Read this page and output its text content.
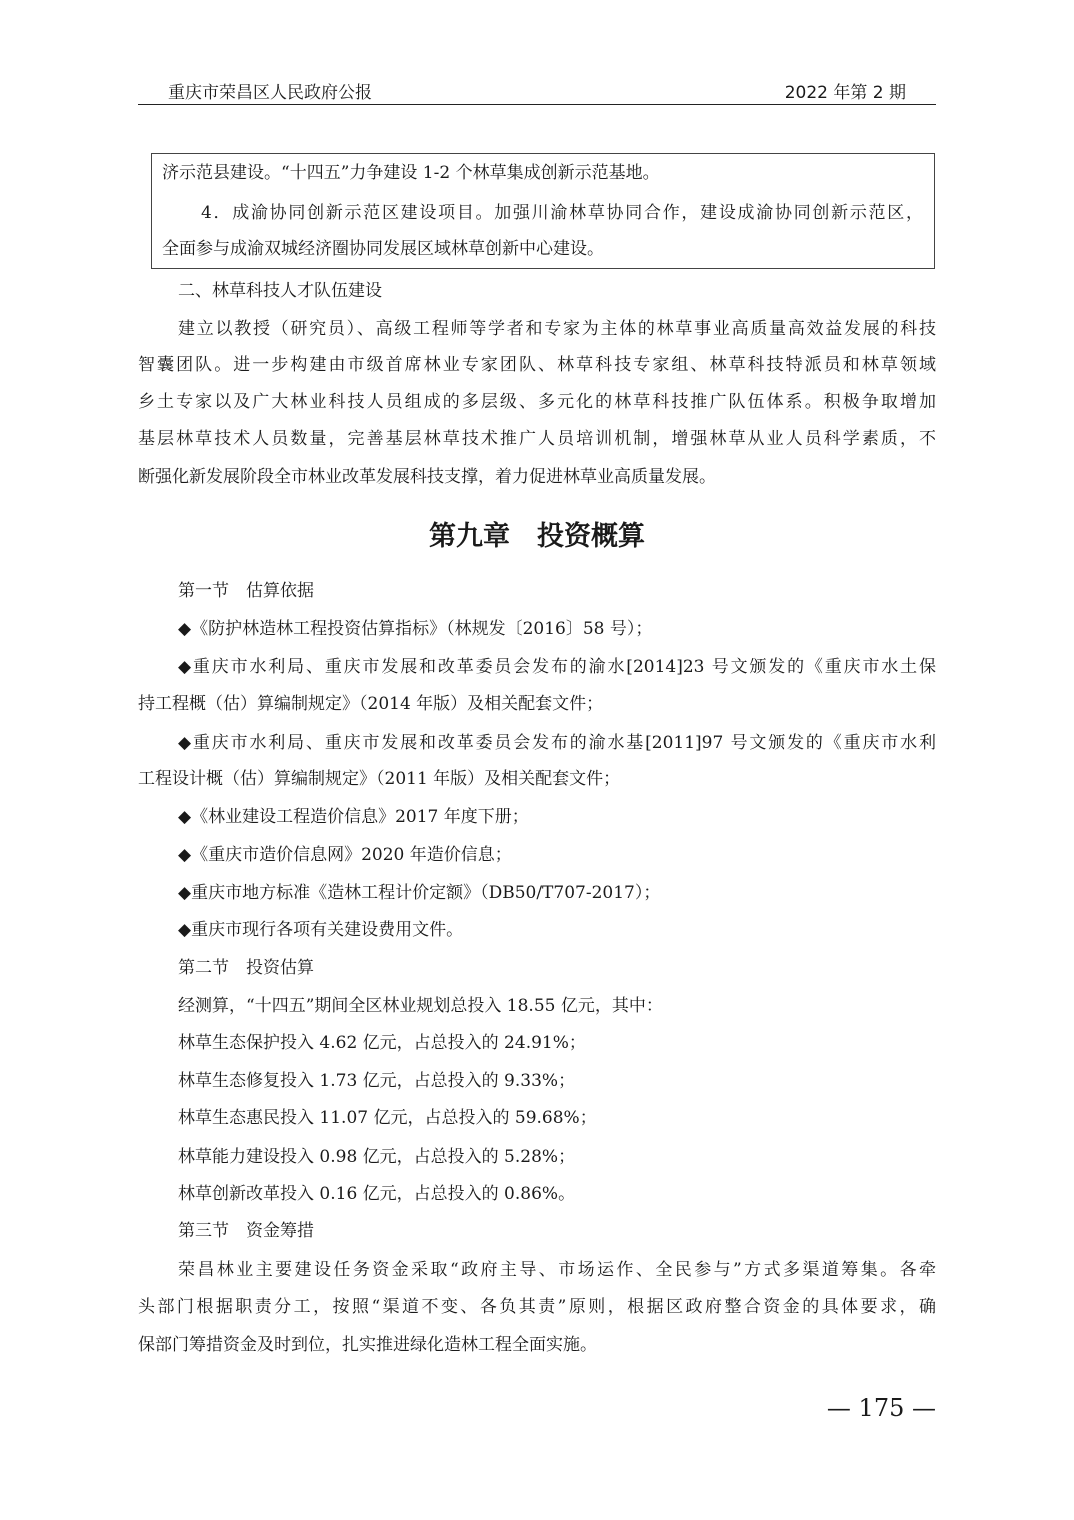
重庆市荣昌区人民政府公报	2022 年第 2 期
济示范县建设。“十四五”力争建设 1-2 个林草集成创新示范基地。
4．成渝协同创新示范区建设项目。加强川渝林草协同合作，建设成渝协同创新示范区，
全面参与成渝双城经济圈协同发展区域林草创新中心建设。
二、林草科技人才队伍建设
建立以教授（研究员）、高级工程师等学者和专家为主体的林草事业高质量高效益发展的科技
智囊团队。进一步构建由市级首席林业专家团队、林草科技专家组、林草科技特派员和林草领域
乡土专家以及广大林业科技人员组成的多层级、多元化的林草科技推广队伍体系。积极争取增加
基层林草技术人员数量，完善基层林草技术推广人员培训机制，增强林草从业人员科学素质，不
断强化新发展阶段全市林业改革发展科技支撑，着力促进林草业高质量发展。
第九章　投资概算
第一节　估算依据
◆《防护林造林工程投资估算指标》（林规发〔2016〕58 号）；
◆重庆市水利局、重庆市发展和改革委员会发布的渝水[2014]23 号文颁发的《重庆市水土保
持工程概（估）算编制规定》（2014 年版）及相关配套文件；
◆重庆市水利局、重庆市发展和改革委员会发布的渝水基[2011]97 号文颁发的《重庆市水利
工程设计概（估）算编制规定》（2011 年版）及相关配套文件；
◆《林业建设工程造价信息》2017 年度下册；
◆《重庆市造价信息网》2020 年造价信息；
◆重庆市地方标准《造林工程计价定额》（DB50/T707-2017）；
◆重庆市现行各项有关建设费用文件。
第二节　投资估算
经测算，“十四五”期间全区林业规划总投入 18.55 亿元，其中：
林草生态保护投入 4.62 亿元，占总投入的 24.91%；
林草生态修复投入 1.73 亿元，占总投入的 9.33%；
林草生态惠民投入 11.07 亿元，占总投入的 59.68%；
林草能力建设投入 0.98 亿元，占总投入的 5.28%；
林草创新改革投入 0.16 亿元，占总投入的 0.86%。
第三节　资金筹措
荣昌林业主要建设任务资金采取“政府主导、市场运作、全民参与”方式多渠道筹集。各牵
头部门根据职责分工，按照“渠道不变、各负其责”原则，根据区政府整合资金的具体要求，确
保部门筹措资金及时到位，扎实推进绿化造林工程全面实施。
— 175 —
